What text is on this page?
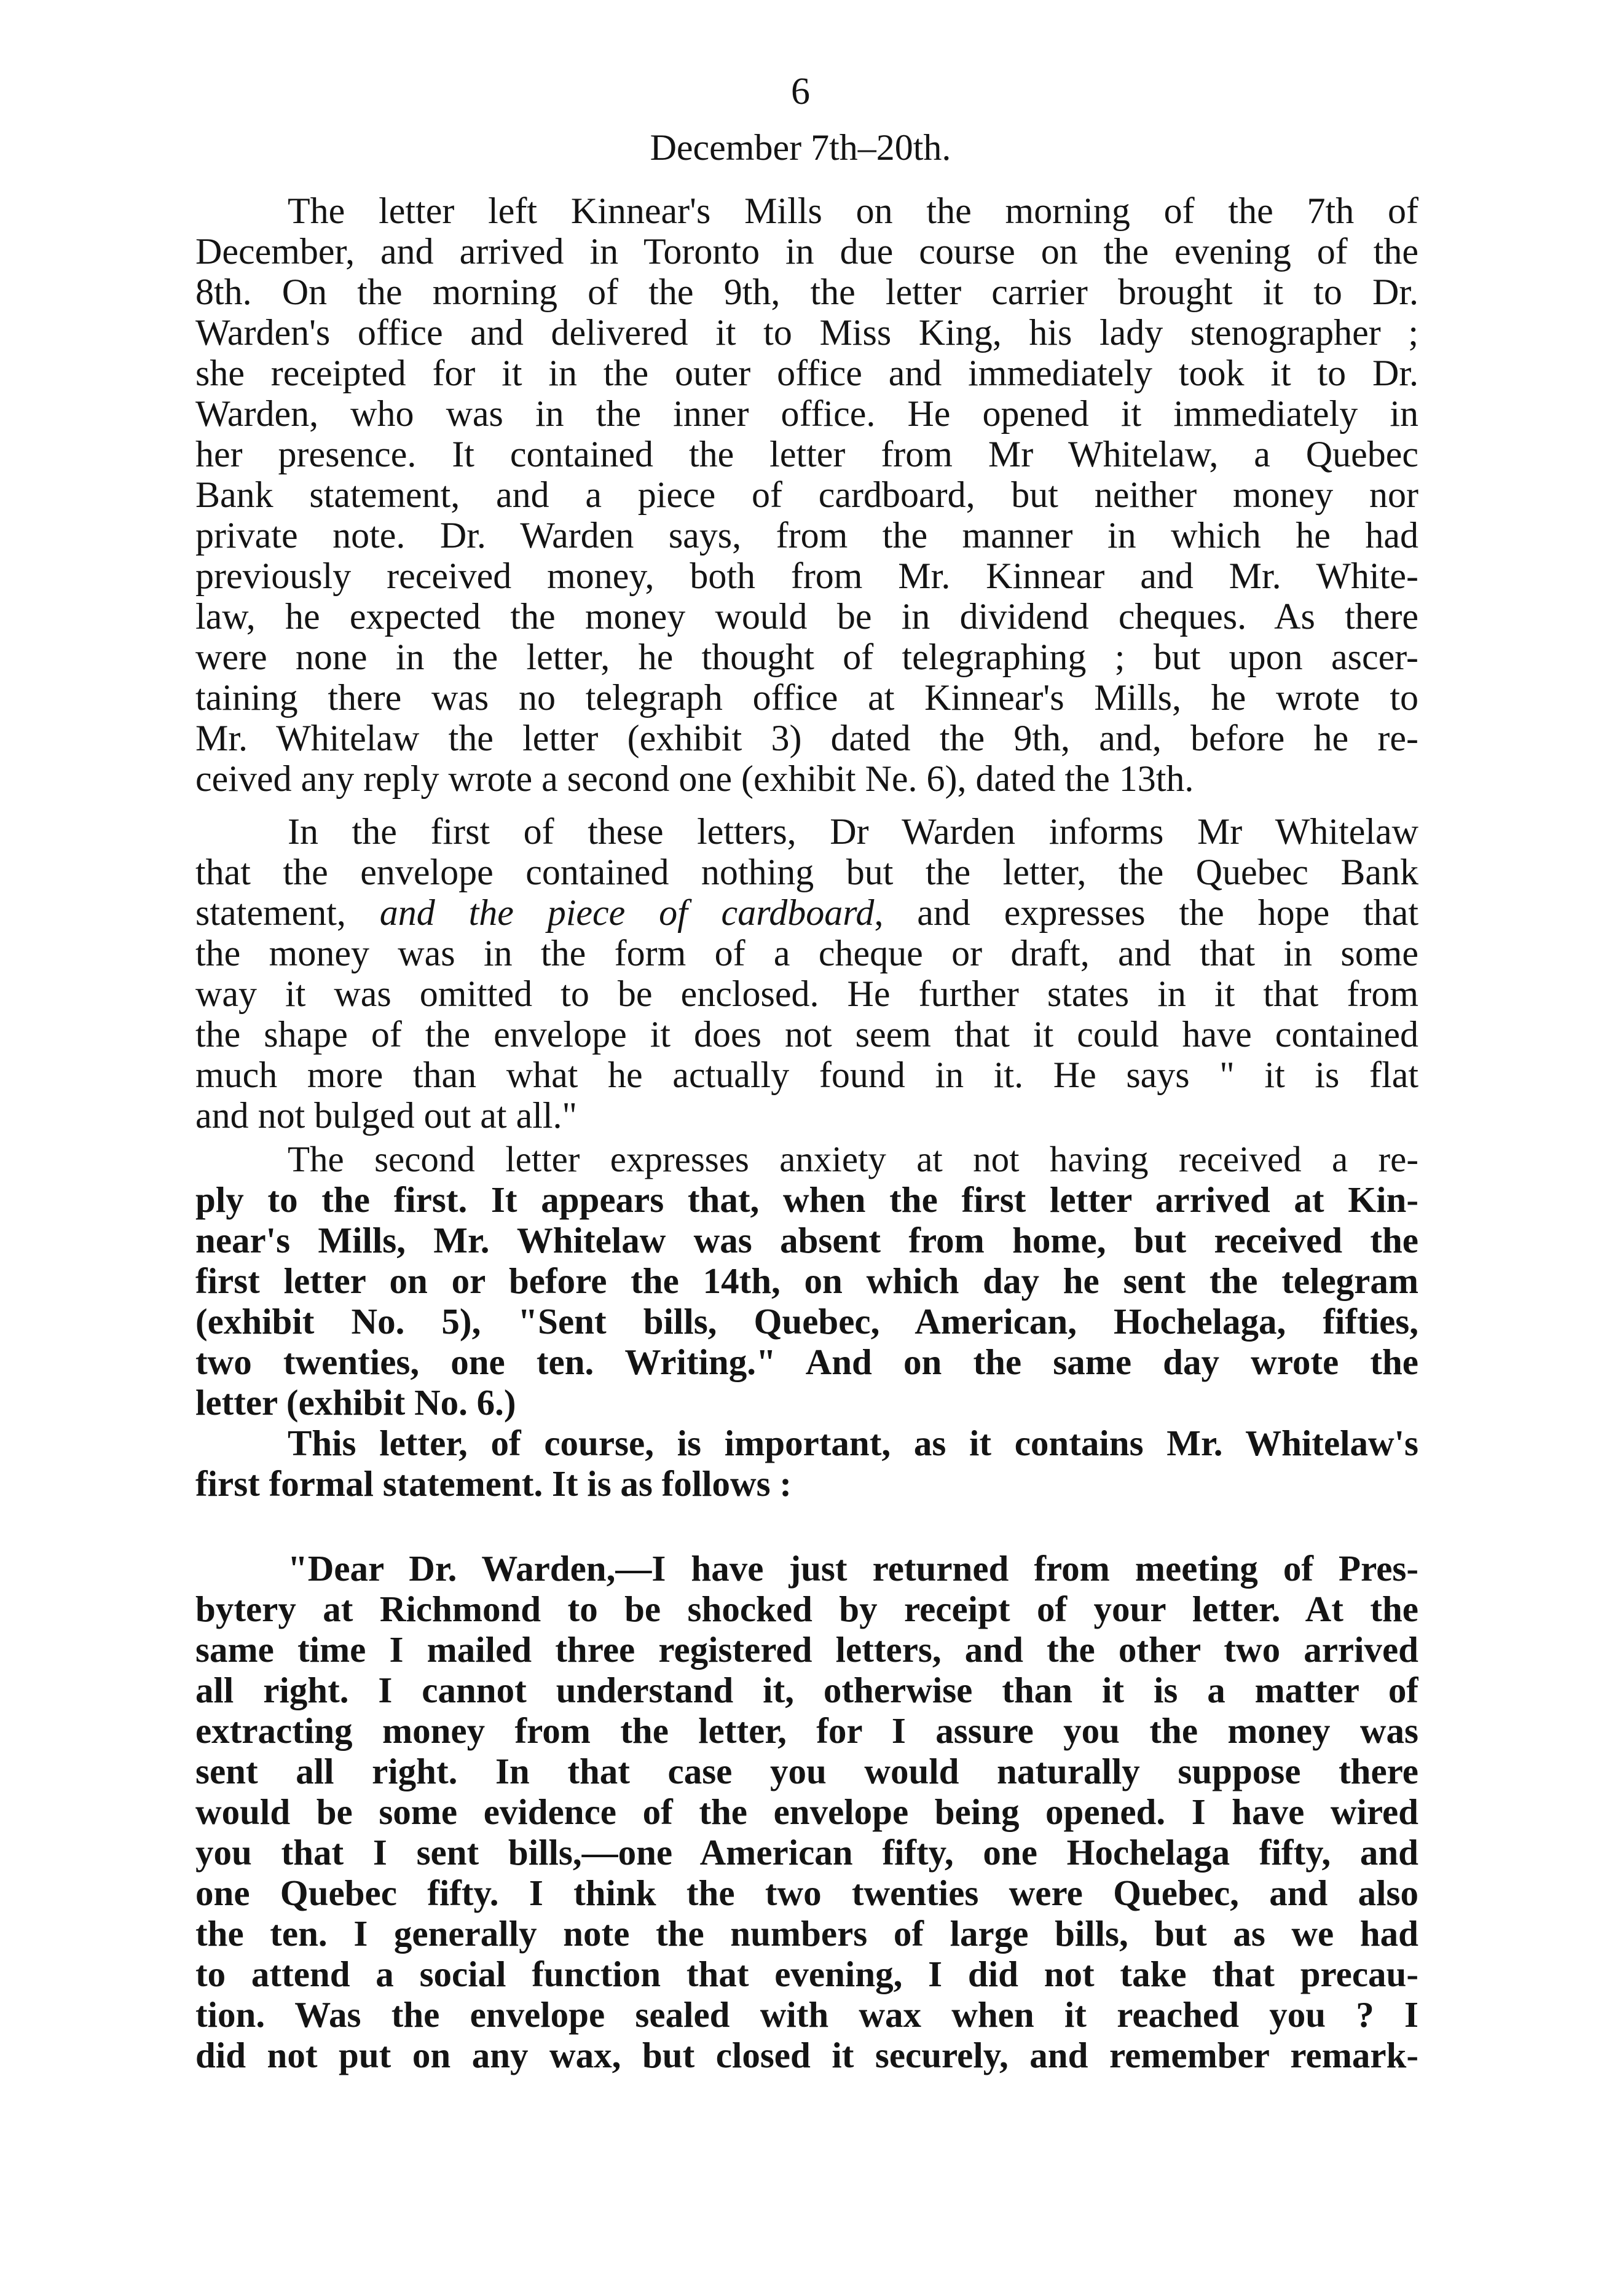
6
December 7th–20th.
The letter left Kinnear's Mills on the morning of the 7th of
December, and arrived in Toronto in due course on the evening of the
8th. On the morning of the 9th, the letter carrier brought it to Dr.
Warden's office and delivered it to Miss King, his lady stenographer ;
she receipted for it in the outer office and immediately took it to Dr.
Warden, who was in the inner office. He opened it immediately in
her presence. It contained the letter from Mr Whitelaw, a Quebec
Bank statement, and a piece of cardboard, but neither money nor
private note. Dr. Warden says, from the manner in which he had
previously received money, both from Mr. Kinnear and Mr. White-
law, he expected the money would be in dividend cheques. As there
were none in the letter, he thought of telegraphing ; but upon ascer-
taining there was no telegraph office at Kinnear's Mills, he wrote to
Mr. Whitelaw the letter (exhibit 3) dated the 9th, and, before he re-
ceived any reply wrote a second one (exhibit Ne. 6), dated the 13th.
In the first of these letters, Dr Warden informs Mr Whitelaw
that the envelope contained nothing but the letter, the Quebec Bank
statement, and the piece of cardboard, and expresses the hope that
the money was in the form of a cheque or draft, and that in some
way it was omitted to be enclosed. He further states in it that from
the shape of the envelope it does not seem that it could have contained
much more than what he actually found in it. He says " it is flat
and not bulged out at all."
The second letter expresses anxiety at not having received a re-
ply to the first. It appears that, when the first letter arrived at Kin-
near's Mills, Mr. Whitelaw was absent from home, but received the
first letter on or before the 14th, on which day he sent the telegram
(exhibit No. 5), "Sent bills, Quebec, American, Hochelaga, fifties,
two twenties, one ten. Writing." And on the same day wrote the
letter (exhibit No. 6.)
This letter, of course, is important, as it contains Mr. Whitelaw's
first formal statement. It is as follows :
"Dear Dr. Warden,—I have just returned from meeting of Pres-
bytery at Richmond to be shocked by receipt of your letter. At the
same time I mailed three registered letters, and the other two arrived
all right. I cannot understand it, otherwise than it is a matter of
extracting money from the letter, for I assure you the money was
sent all right. In that case you would naturally suppose there
would be some evidence of the envelope being opened. I have wired
you that I sent bills,—one American fifty, one Hochelaga fifty, and
one Quebec fifty. I think the two twenties were Quebec, and also
the ten. I generally note the numbers of large bills, but as we had
to attend a social function that evening, I did not take that precau-
tion. Was the envelope sealed with wax when it reached you ? I
did not put on any wax, but closed it securely, and remember remark-
